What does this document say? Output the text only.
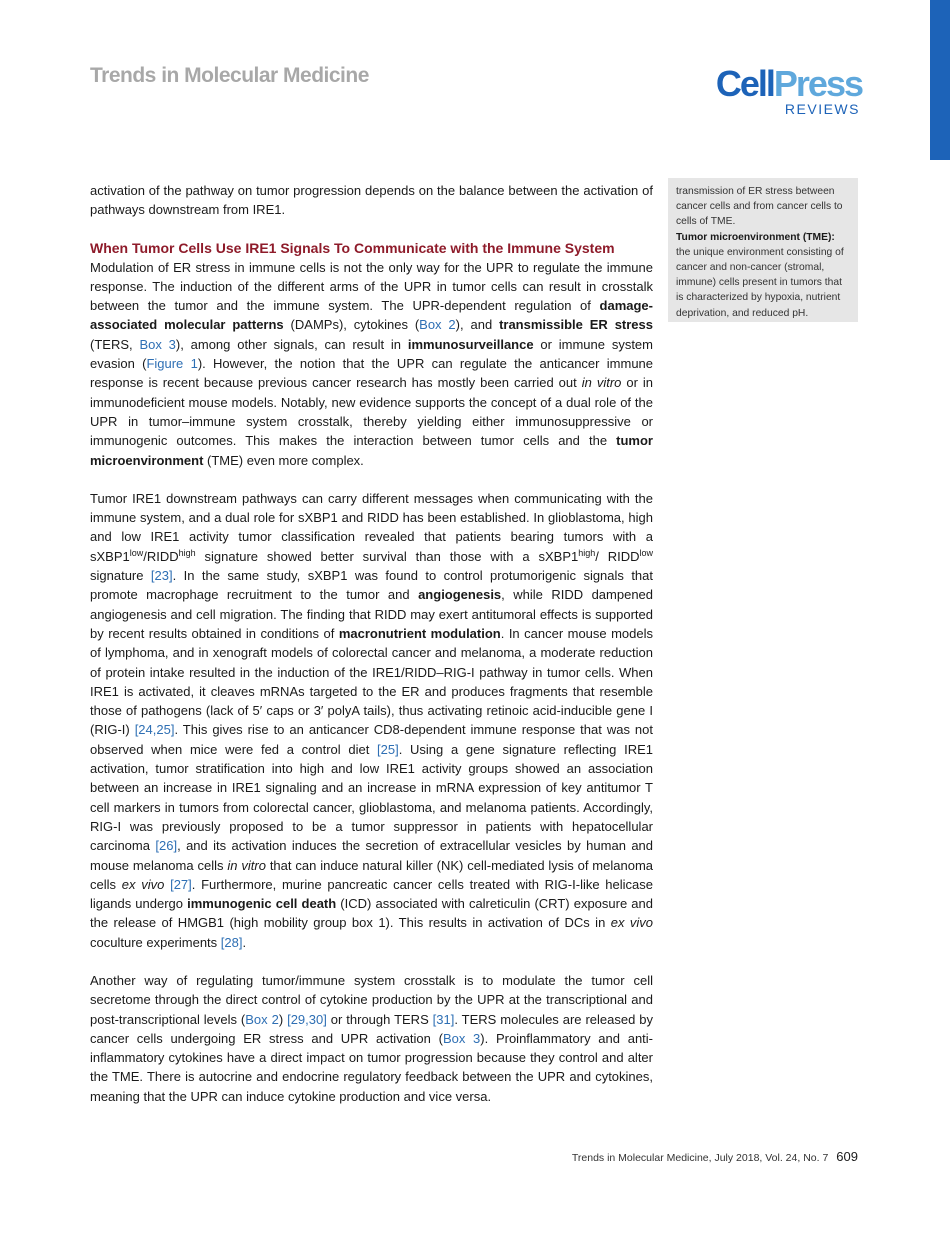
Trends in Molecular Medicine	CellPress
REVIEWS

activation of the pathway on tumor progression depends on the balance between the activation of pathways downstream from IRE1.

When Tumor Cells Use IRE1 Signals To Communicate with the Immune System

Modulation of ER stress in immune cells is not the only way for the UPR to regulate the immune response. The induction of the different arms of the UPR in tumor cells can result in crosstalk between the tumor and the immune system. The UPR-dependent regulation of damage-associated molecular patterns (DAMPs), cytokines (Box 2), and transmissible ER stress (TERS, Box 3), among other signals, can result in immunosurveillance or immune system evasion (Figure 1). However, the notion that the UPR can regulate the anticancer immune response is recent because previous cancer research has mostly been carried out in vitro or in immunodeficient mouse models. Notably, new evidence supports the concept of a dual role of the UPR in tumor–immune system crosstalk, thereby yielding either immunosuppressive or immunogenic outcomes. This makes the interaction between tumor cells and the tumor microenvironment (TME) even more complex.

Tumor IRE1 downstream pathways can carry different messages when communicating with the immune system, and a dual role for sXBP1 and RIDD has been established. In glioblastoma, high and low IRE1 activity tumor classification revealed that patients bearing tumors with a $sXBP1^{low}/RIDD^{high}$ signature showed better survival than those with a $sXBP1^{high}/$ $RIDD^{low}$ signature [23]. In the same study, sXBP1 was found to control protumorigenic signals that promote macrophage recruitment to the tumor and angiogenesis, while RIDD dampened angiogenesis and cell migration. The finding that RIDD may exert antitumoral effects is supported by recent results obtained in conditions of macronutrient modulation. In cancer mouse models of lymphoma, and in xenograft models of colorectal cancer and melanoma, a moderate reduction of protein intake resulted in the induction of the IRE1/RIDD–RIG-I pathway in tumor cells. When IRE1 is activated, it cleaves mRNAs targeted to the ER and produces fragments that resemble those of pathogens (lack of 5′ caps or 3′ polyA tails), thus activating retinoic acid-inducible gene I (RIG-I) [24,25]. This gives rise to an anticancer CD8-dependent immune response that was not observed when mice were fed a control diet [25]. Using a gene signature reflecting IRE1 activation, tumor stratification into high and low IRE1 activity groups showed an association between an increase in IRE1 signaling and an increase in mRNA expression of key antitumor T cell markers in tumors from colorectal cancer, glioblastoma, and melanoma patients. Accordingly, RIG-I was previously proposed to be a tumor suppressor in patients with hepatocellular carcinoma [26], and its activation induces the secretion of extracellular vesicles by human and mouse melanoma cells in vitro that can induce natural killer (NK) cell-mediated lysis of melanoma cells ex vivo [27]. Furthermore, murine pancreatic cancer cells treated with RIG-I-like helicase ligands undergo immunogenic cell death (ICD) associated with calreticulin (CRT) exposure and the release of HMGB1 (high mobility group box 1). This results in activation of DCs in ex vivo coculture experiments [28].

Another way of regulating tumor/immune system crosstalk is to modulate the tumor cell secretome through the direct control of cytokine production by the UPR at the transcriptional and post-transcriptional levels (Box 2) [29,30] or through TERS [31]. TERS molecules are released by cancer cells undergoing ER stress and UPR activation (Box 3). Proinflammatory and anti-inflammatory cytokines have a direct impact on tumor progression because they control and alter the TME. There is autocrine and endocrine regulatory feedback between the UPR and cytokines, meaning that the UPR can induce cytokine production and vice versa.

transmission of ER stress between cancer cells and from cancer cells to cells of TME.
Tumor microenvironment (TME):
the unique environment consisting of cancer and non-cancer (stromal, immune) cells present in tumors that is characterized by hypoxia, nutrient deprivation, and reduced pH.
Trends in Molecular Medicine, July 2018, Vol. 24, No. 7 609
